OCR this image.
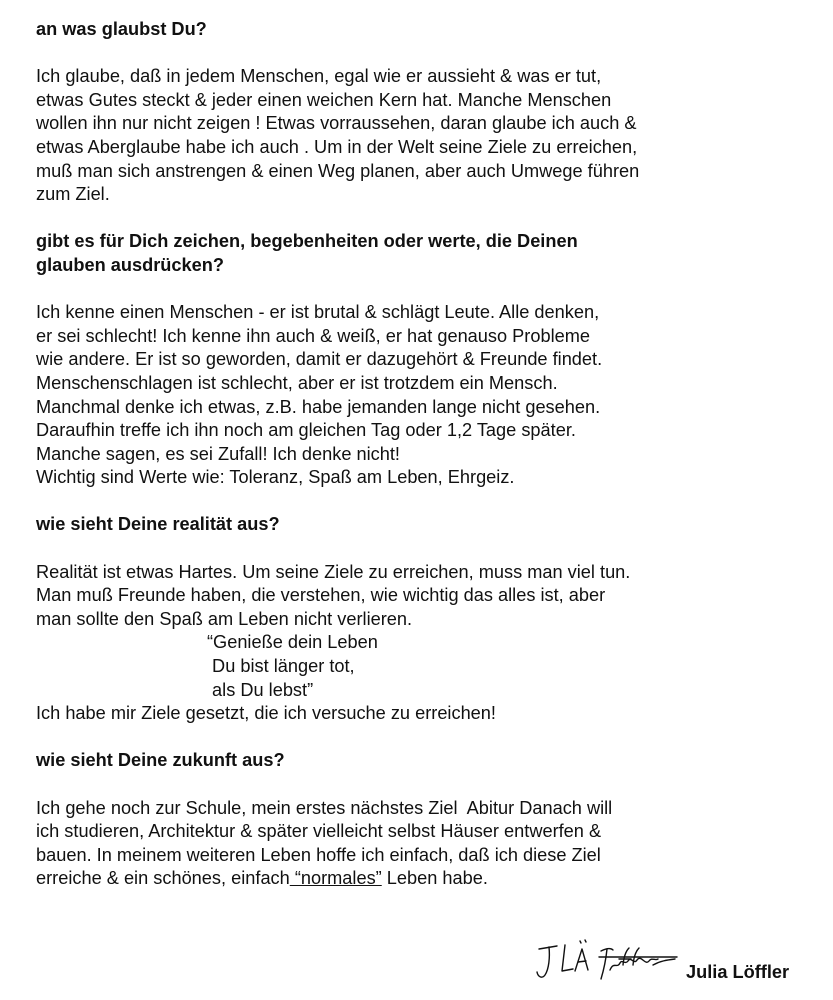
an was glaubst Du?
Ich glaube, daß in jedem Menschen, egal wie er aussieht & was er tut,
etwas Gutes steckt & jeder einen weichen Kern hat. Manche Menschen
wollen ihn nur nicht zeigen ! Etwas vorraussehen, daran glaube ich auch &
etwas Aberglaube habe ich auch . Um in der Welt seine Ziele zu erreichen,
muß man sich anstrengen & einen Weg planen, aber auch Umwege führen
zum Ziel.
gibt es für Dich zeichen, begebenheiten oder werte, die Deinen
glauben ausdrücken?
Ich kenne einen Menschen - er ist brutal & schlägt Leute. Alle denken,
er sei schlecht! Ich kenne ihn auch & weiß, er hat genauso Probleme
wie andere. Er ist so geworden, damit er dazugehört & Freunde findet.
Menschenschlagen ist schlecht, aber er ist trotzdem ein Mensch.
Manchmal denke ich etwas, z.B. habe jemanden lange nicht gesehen.
Daraufhin treffe ich ihn noch am gleichen Tag oder 1,2 Tage später.
Manche sagen, es sei Zufall! Ich denke nicht!
Wichtig sind Werte wie: Toleranz, Spaß am Leben, Ehrgeiz.
wie sieht Deine realität aus?
Realität ist etwas Hartes. Um seine Ziele zu erreichen, muss man viel tun.
Man muß Freunde haben, die verstehen, wie wichtig das alles ist, aber
man sollte den Spaß am Leben nicht verlieren.
“Genieße dein Leben
Du bist länger tot,
als Du lebst”
Ich habe mir Ziele gesetzt, die ich versuche zu erreichen!
wie sieht Deine zukunft aus?
Ich gehe noch zur Schule, mein erstes nächstes Ziel  Abitur Danach will
ich studieren, Architektur & später vielleicht selbst Häuser entwerfen &
bauen. In meinem weiteren Leben hoffe ich einfach, daß ich diese Ziel
erreiche & ein schönes, einfach “normales” Leben habe.
Julia Löffler
